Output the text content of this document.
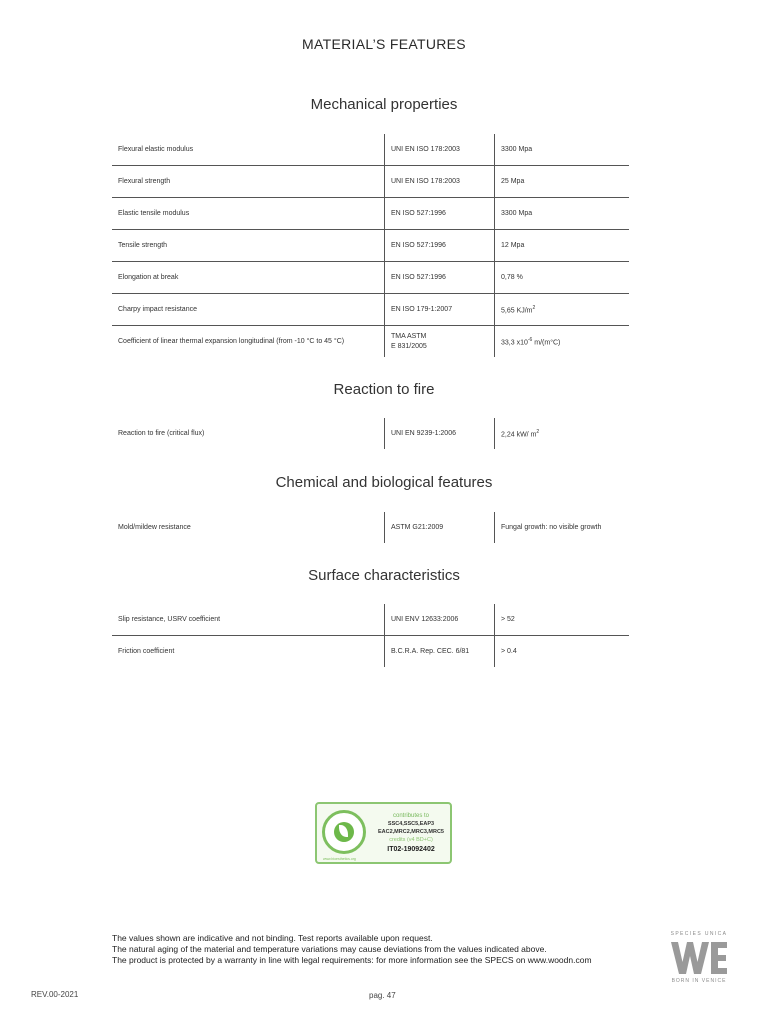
MATERIAL’S FEATURES
Mechanical properties
Flexural elastic modulus	UNI EN ISO 178:2003	3300 Mpa
Flexural strength	UNI EN ISO 178:2003	25 Mpa
Elastic tensile modulus	EN ISO 527:1996	3300 Mpa
Tensile strength	EN ISO 527:1996	12 Mpa
Elongation at break	EN ISO 527:1996	0,78 %
Charpy impact resistance	EN ISO 179-1:2007	5,65 $KJ/m^2$
Coefficient of linear thermal expansion longitudinal (from -10 °C to 45 °C)	TMA ASTM
E 831/2005	33,3 $x10^{-6}$ m/(m°C)
Reaction to fire
Reaction to fire (critical flux)	UNI EN 9239-1:2006	2,24 kW/ $m^2$
Chemical and biological features
Mold/mildew resistance	ASTM G21:2009	Fungal growth: no visible growth
Surface characteristics
Slip resistance, USRV coefficient	UNI ENV 12633:2006	> 52
Friction coefficient	B.C.R.A. Rep. CEC. 6/81	> 0.4
contributes to
SSC4,SSC5,EAP3
EAC2,MRC2,MRC3,MRC5
credits (v4 BD+C)
IT02-19092402
www.bioesthetics.org
The values shown are indicative and not binding. Test reports available upon request.
The natural aging of the material and temperature variations may cause deviations from the values indicated above.
The product is protected by a warranty in line with legal requirements: for more information see the SPECS on www.woodn.com
SPECIES UNICA
BORN IN VENICE
REV.00-2021	pag. 47
